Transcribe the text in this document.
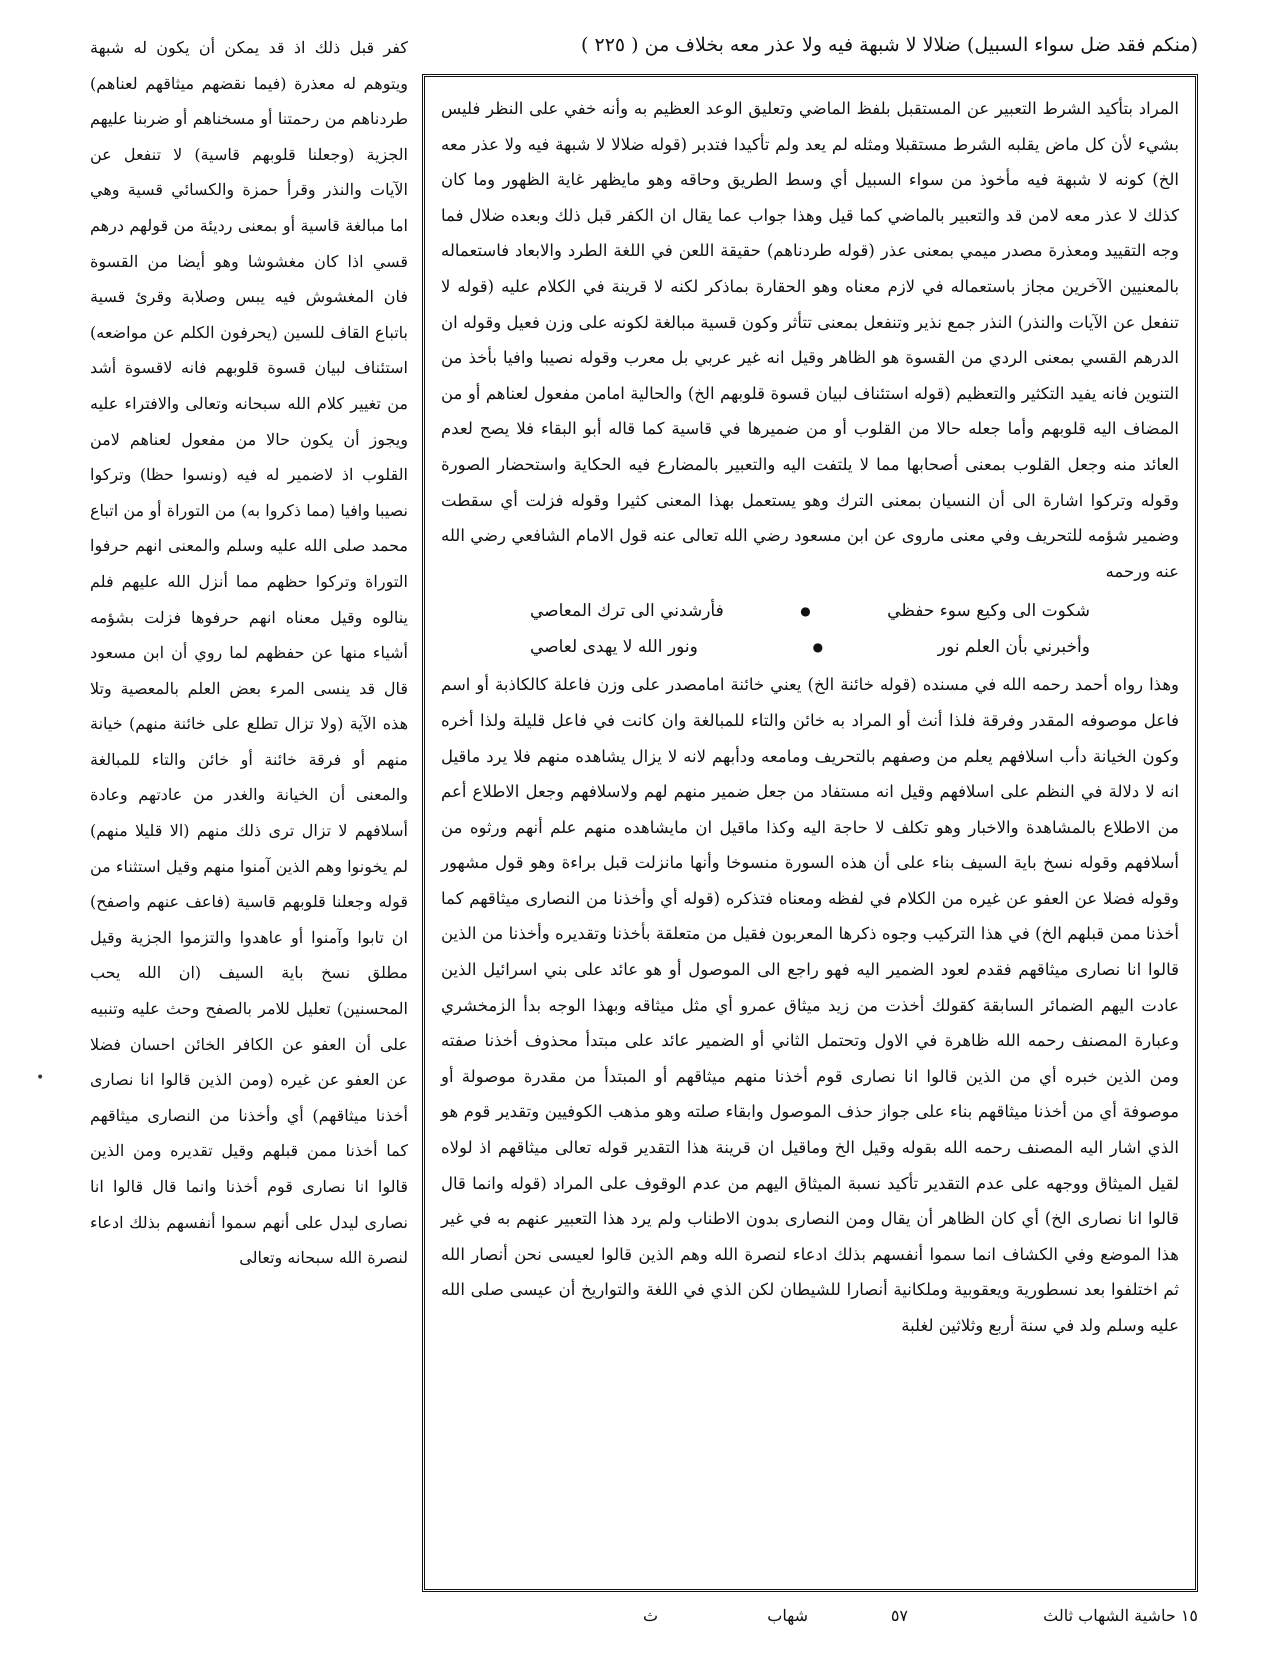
(منكم فقد ضل سواء السبيل) ضلالا لا شبهة فيه ولا عذر معه بخلاف من ( ٢٢٥ )

كفر قبل ذلك اذ قد يمكن أن يكون له شبهة ويتوهم له معذرة (فيما نقضهم ميثاقهم لعناهم) طردناهم من رحمتنا أو مسخناهم أو ضربنا عليهم الجزية (وجعلنا قلوبهم قاسية) لا تنفعل عن الآيات والنذر وقرأ حمزة والكسائي قسية وهي اما مبالغة قاسية أو بمعنى رديئة من قولهم درهم قسي اذا كان مغشوشا وهو أيضا من القسوة فان المغشوش فيه يبس وصلابة وقرئ قسية باتباع القاف للسين (يحرفون الكلم عن مواضعه) استئناف لبيان قسوة قلوبهم فانه لاقسوة أشد من تغيير كلام الله سبحانه وتعالى والافتراء عليه ويجوز أن يكون حالا من مفعول لعناهم لامن القلوب اذ لاضمير له فيه (ونسوا حظا) وتركوا نصيبا وافيا (مما ذكروا به) من التوراة أو من اتباع محمد صلى الله عليه وسلم والمعنى انهم حرفوا التوراة وتركوا حظهم مما أنزل الله عليهم فلم ينالوه وقيل معناه انهم حرفوها فزلت بشؤمه أشياء منها عن حفظهم لما روي أن ابن مسعود قال قد ينسى المرء بعض العلم بالمعصية وتلا هذه الآية (ولا تزال تطلع على خائنة منهم) خيانة منهم أو فرقة خائنة أو خائن والتاء للمبالغة والمعنى أن الخيانة والغدر من عادتهم وعادة أسلافهم لا تزال ترى ذلك منهم (الا قليلا منهم) لم يخونوا وهم الذين آمنوا منهم وقيل استثناء من قوله وجعلنا قلوبهم قاسية (فاعف عنهم واصفح) ان تابوا وآمنوا أو عاهدوا والتزموا الجزية وقيل مطلق نسخ باية السيف (ان الله يحب المحسنين) تعليل للامر بالصفح وحث عليه وتنبيه على أن العفو عن الكافر الخائن احسان فضلا عن العفو عن غيره (ومن الذين قالوا انا نصارى أخذنا ميثاقهم) أي وأخذنا من النصارى ميثاقهم كما أخذنا ممن قبلهم وقيل تقديره ومن الذين قالوا انا نصارى قوم أخذنا وانما قال قالوا انا نصارى ليدل على أنهم سموا أنفسهم بذلك ادعاء لنصرة الله سبحانه وتعالى

المراد بتأكيد الشرط التعبير عن المستقبل بلفظ الماضي وتعليق الوعد العظيم به وأنه خفي على النظر فليس بشيء لأن كل ماض يقلبه الشرط مستقبلا ومثله لم يعد ولم تأكيدا فتدبر (قوله ضلالا لا شبهة فيه ولا عذر معه الخ) كونه لا شبهة فيه مأخوذ من سواء السبيل أي وسط الطريق وحاقه وهو مايظهر غاية الظهور وما كان كذلك لا عذر معه لامن قد والتعبير بالماضي كما قيل وهذا جواب عما يقال ان الكفر قبل ذلك وبعده ضلال فما وجه التقييد ومعذرة مصدر ميمي بمعنى عذر (قوله طردناهم) حقيقة اللعن في اللغة الطرد والابعاد فاستعماله بالمعنيين الآخرين مجاز باستعماله في لازم معناه وهو الحقارة بماذكر لكنه لا قرينة في الكلام عليه (قوله لا تنفعل عن الآيات والنذر) النذر جمع نذير وتنفعل بمعنى تتأثر وكون قسية مبالغة لكونه على وزن فعيل وقوله ان الدرهم القسي بمعنى الردي من القسوة هو الظاهر وقيل انه غير عربي بل معرب وقوله نصيبا وافيا بأخذ من التنوين فانه يفيد التكثير والتعظيم (قوله استئناف لبيان قسوة قلوبهم الخ) والحالية امامن مفعول لعناهم أو من المضاف اليه قلوبهم وأما جعله حالا من القلوب أو من ضميرها في قاسية كما قاله أبو البقاء فلا يصح لعدم العائد منه وجعل القلوب بمعنى أصحابها مما لا يلتفت اليه والتعبير بالمضارع فيه الحكاية واستحضار الصورة وقوله وتركوا اشارة الى أن النسيان بمعنى الترك وهو يستعمل بهذا المعنى كثيرا وقوله فزلت أي سقطت وضمير شؤمه للتحريف وفي معنى ماروى عن ابن مسعود رضي الله تعالى عنه قول الامام الشافعي رضي الله عنه ورحمه

شكوت الى وكيع سوء حفظي
●
فأرشدني الى ترك المعاصي
وأخبرني بأن العلم نور
●
ونور الله لا يهدى لعاصي

وهذا رواه أحمد رحمه الله في مسنده (قوله خائنة الخ) يعني خائنة امامصدر على وزن فاعلة كالكاذبة أو اسم فاعل موصوفه المقدر وفرقة فلذا أنث أو المراد به خائن والتاء للمبالغة وان كانت في فاعل قليلة ولذا أخره وكون الخيانة دأب اسلافهم يعلم من وصفهم بالتحريف ومامعه ودأبهم لانه لا يزال يشاهده منهم فلا يرد ماقيل انه لا دلالة في النظم على اسلافهم وقيل انه مستفاد من جعل ضمير منهم لهم ولاسلافهم وجعل الاطلاع أعم من الاطلاع بالمشاهدة والاخبار وهو تكلف لا حاجة اليه وكذا ماقيل ان مايشاهده منهم علم أنهم ورثوه من أسلافهم وقوله نسخ باية السيف بناء على أن هذه السورة منسوخا وأنها مانزلت قبل براءة وهو قول مشهور وقوله فضلا عن العفو عن غيره من الكلام في لفظه ومعناه فتذكره (قوله أي وأخذنا من النصارى ميثاقهم كما أخذنا ممن قبلهم الخ) في هذا التركيب وجوه ذكرها المعربون فقيل من متعلقة بأخذنا وتقديره وأخذنا من الذين قالوا انا نصارى ميثاقهم فقدم لعود الضمير اليه فهو راجع الى الموصول أو هو عائد على بني اسرائيل الذين عادت اليهم الضمائر السابقة كقولك أخذت من زيد ميثاق عمرو أي مثل ميثاقه وبهذا الوجه بدأ الزمخشري وعبارة المصنف رحمه الله ظاهرة في الاول وتحتمل الثاني أو الضمير عائد على مبتدأ محذوف أخذنا صفته ومن الذين خبره أي من الذين قالوا انا نصارى قوم أخذنا منهم ميثاقهم أو المبتدأ من مقدرة موصولة أو موصوفة أي من أخذنا ميثاقهم بناء على جواز حذف الموصول وابقاء صلته وهو مذهب الكوفيين وتقدير قوم هو الذي اشار اليه المصنف رحمه الله بقوله وقيل الخ وماقيل ان قرينة هذا التقدير قوله تعالى ميثاقهم اذ لولاه لقيل الميثاق ووجهه على عدم التقدير تأكيد نسبة الميثاق اليهم من عدم الوقوف على المراد (قوله وانما قال قالوا انا نصارى الخ) أي كان الظاهر أن يقال ومن النصارى بدون الاطناب ولم يرد هذا التعبير عنهم به في غير هذا الموضع وفي الكشاف انما سموا أنفسهم بذلك ادعاء لنصرة الله وهم الذين قالوا لعيسى نحن أنصار الله ثم اختلفوا بعد نسطورية ويعقوبية وملكانية أنصارا للشيطان لكن الذي في اللغة والتواريخ أن عيسى صلى الله عليه وسلم ولد في سنة أربع وثلاثين لغلبة

١٥ حاشية الشهاب ثالث
٥٧
شهاب
ث
•
